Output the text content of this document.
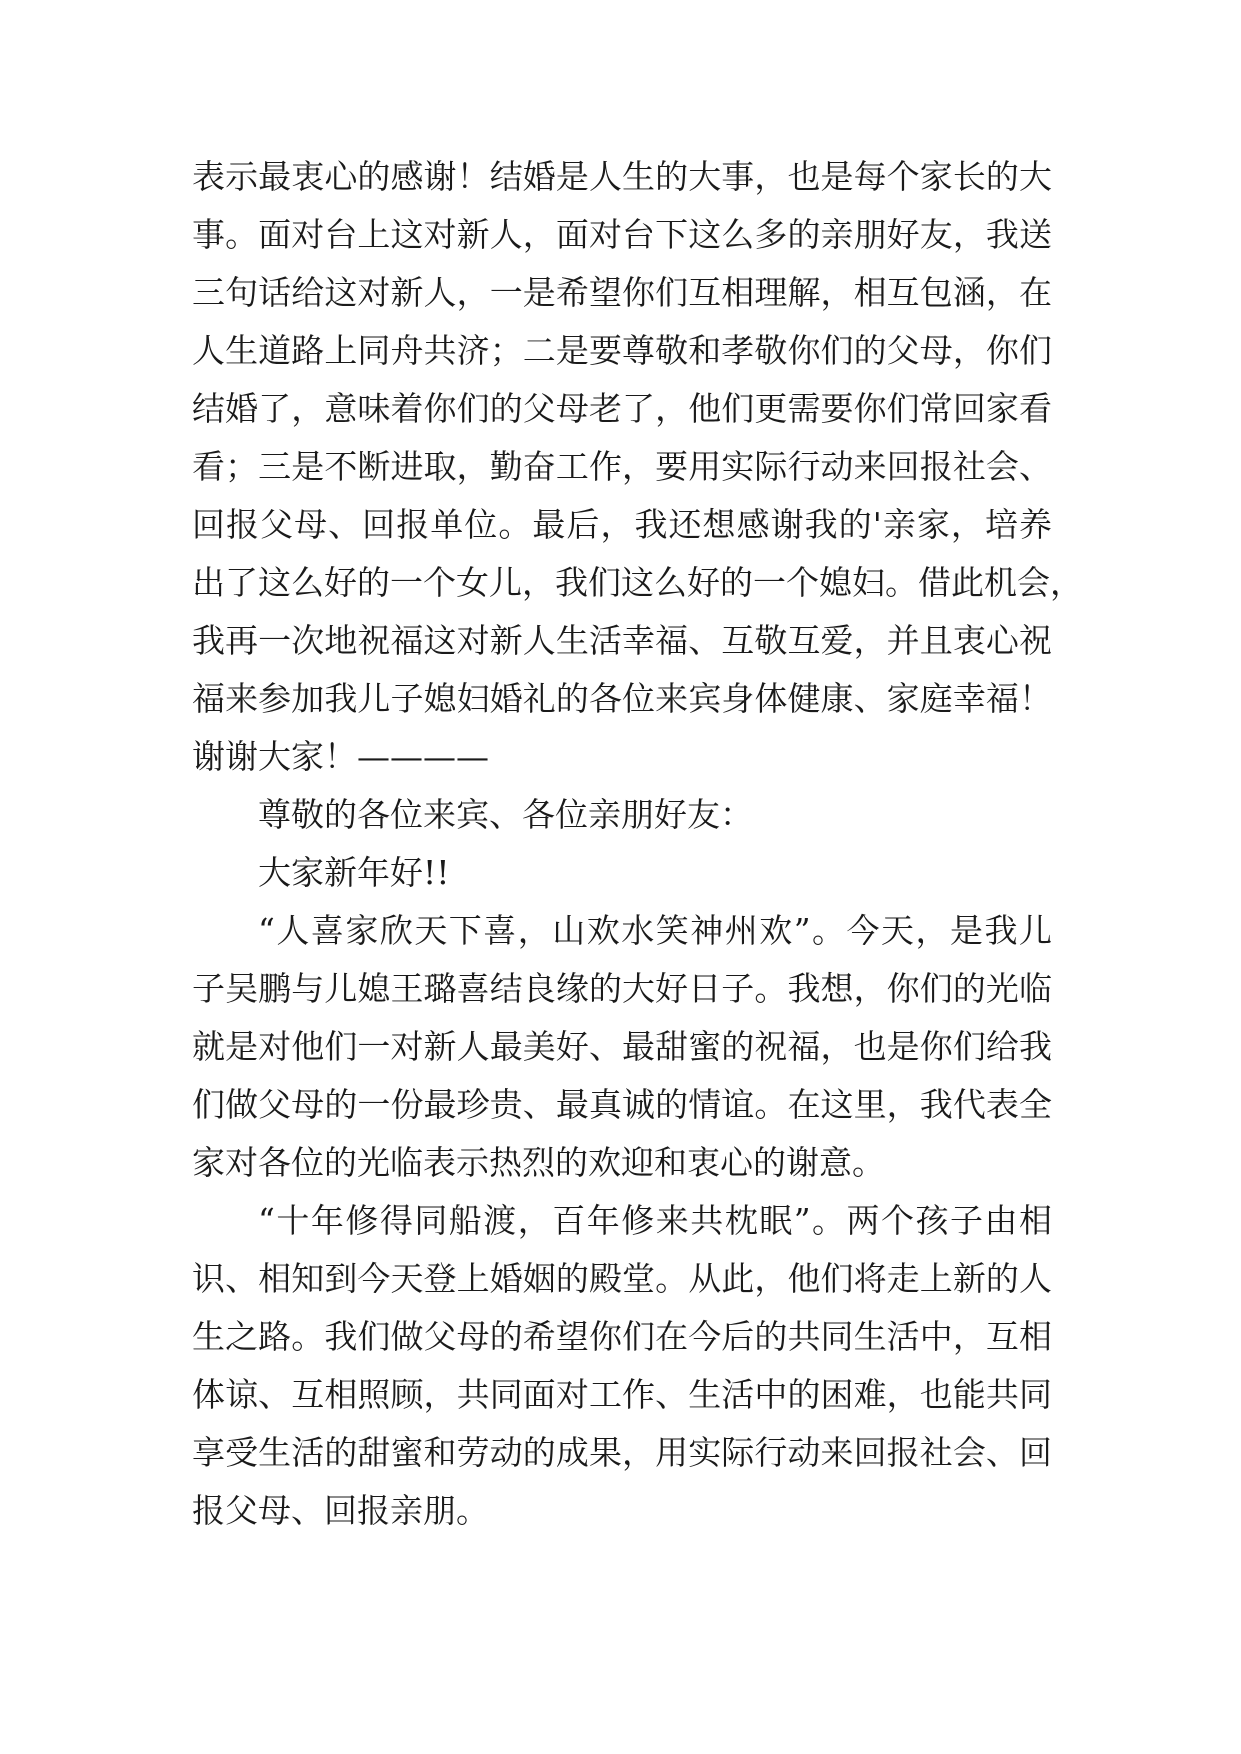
表示最衷心的感谢！结婚是人生的大事，也是每个家长的大
事。面对台上这对新人，面对台下这么多的亲朋好友，我送
三句话给这对新人，一是希望你们互相理解，相互包涵，在
人生道路上同舟共济；二是要尊敬和孝敬你们的父母，你们
结婚了，意味着你们的父母老了，他们更需要你们常回家看
看；三是不断进取，勤奋工作，要用实际行动来回报社会、
回报父母、回报单位。最后，我还想感谢我的'亲家，培养
出了这么好的一个女儿，我们这么好的一个媳妇。借此机会，
我再一次地祝福这对新人生活幸福、互敬互爱，并且衷心祝
福来参加我儿子媳妇婚礼的各位来宾身体健康、家庭幸福！
谢谢大家！————
尊敬的各位来宾、各位亲朋好友：
大家新年好!!
“人喜家欣天下喜，山欢水笑神州欢”。今天，是我儿
子吴鹏与儿媳王璐喜结良缘的大好日子。我想，你们的光临
就是对他们一对新人最美好、最甜蜜的祝福，也是你们给我
们做父母的一份最珍贵、最真诚的情谊。在这里，我代表全
家对各位的光临表示热烈的欢迎和衷心的谢意。
“十年修得同船渡，百年修来共枕眠”。两个孩子由相
识、相知到今天登上婚姻的殿堂。从此，他们将走上新的人
生之路。我们做父母的希望你们在今后的共同生活中，互相
体谅、互相照顾，共同面对工作、生活中的困难，也能共同
享受生活的甜蜜和劳动的成果，用实际行动来回报社会、回
报父母、回报亲朋。
